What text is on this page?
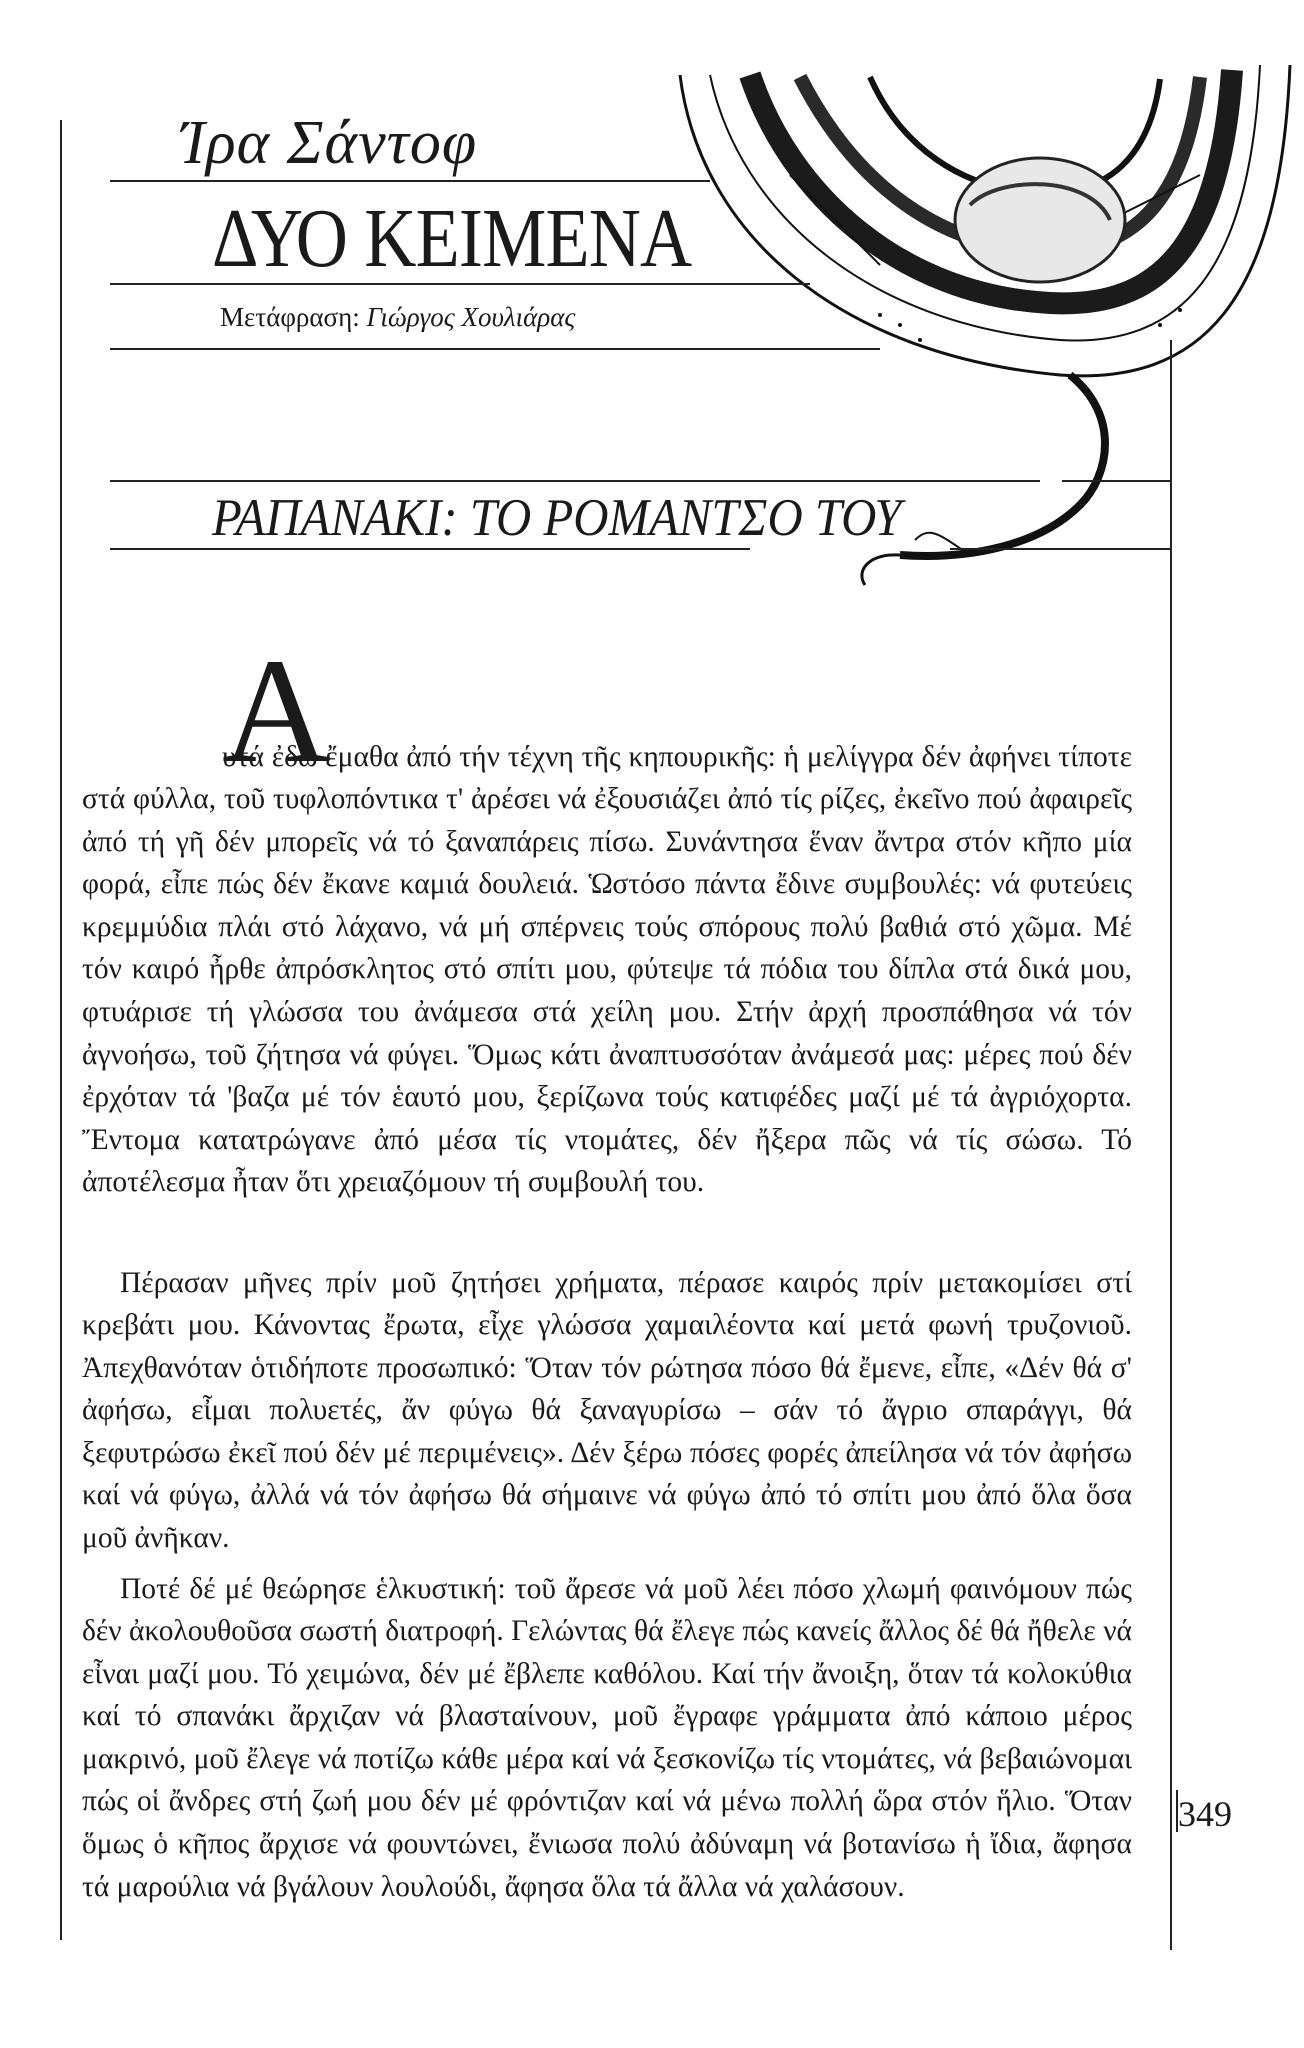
Ίρα Σάντοφ
ΔΥΟ ΚΕΙΜΕΝΑ
Μετάφραση: Γιώργος Χουλιάρας
ΡΑΠΑΝΑΚΙ: ΤΟ ΡΟΜΑΝΤΣΟ ΤΟΥ
Α

υτά ἐδῶ ἔμαθα ἀπό τήν τέχνη τῆς κηπουρικῆς: ἡ μελίγγρα δέν ἀφήνει τίποτε στά φύλλα, τοῦ τυφλοπόντικα τ' ἀρέσει νά ἐξουσιάζει ἀπό τίς ρίζες, ἐκεῖνο πού ἀφαιρεῖς ἀπό τή γῆ δέν μπορεῖς νά τό ξαναπάρεις πίσω. Συνάντησα ἕναν ἄντρα στόν κῆπο μία φορά, εἶπε πώς δέν ἔκανε καμιά δουλειά. Ὡστόσο πάντα ἔδινε συμβουλές: νά φυτεύεις κρεμμύδια πλάι στό λάχανο, νά μή σπέρνεις τούς σπόρους πολύ βαθιά στό χῶμα. Μέ τόν καιρό ἦρθε ἀπρόσκλητος στό σπίτι μου, φύτεψε τά πόδια του δίπλα στά δικά μου, φτυάρισε τή γλώσσα του ἀνάμεσα στά χείλη μου. Στήν ἀρχή προσπάθησα νά τόν ἀγνοήσω, τοῦ ζήτησα νά φύγει. Ὅμως κάτι ἀναπτυσσόταν ἀνάμεσά μας: μέρες πού δέν ἐρχόταν τά 'βαζα μέ τόν ἑαυτό μου, ξερίζωνα τούς κατιφέδες μαζί μέ τά ἀγριόχορτα. Ἔντομα κατατρώγανε ἀπό μέσα τίς ντομάτες, δέν ἤξερα πῶς νά τίς σώσω. Τό ἀποτέλεσμα ἦταν ὅτι χρειαζόμουν τή συμβουλή του.

Πέρασαν μῆνες πρίν μοῦ ζητήσει χρήματα, πέρασε καιρός πρίν μετακομίσει στί κρεβάτι μου. Κάνοντας ἔρωτα, εἶχε γλώσσα χαμαιλέοντα καί μετά φωνή τρυζονιοῦ. Ἀπεχθανόταν ὁτιδήποτε προσωπικό: Ὅταν τόν ρώτησα πόσο θά ἔμενε, εἶπε, «Δέν θά σ' ἀφήσω, εἶμαι πολυετές, ἄν φύγω θά ξαναγυρίσω – σάν τό ἄγριο σπαράγγι, θά ξεφυτρώσω ἐκεῖ πού δέν μέ περιμένεις». Δέν ξέρω πόσες φορές ἀπείλησα νά τόν ἀφήσω καί νά φύγω, ἀλλά νά τόν ἀφήσω θά σήμαινε νά φύγω ἀπό τό σπίτι μου ἀπό ὅλα ὅσα μοῦ ἀνῆκαν.

Ποτέ δέ μέ θεώρησε ἑλκυστική: τοῦ ἄρεσε νά μοῦ λέει πόσο χλωμή φαινόμουν πώς δέν ἀκολουθοῦσα σωστή διατροφή. Γελώντας θά ἔλεγε πώς κανείς ἄλλος δέ θά ἤθελε νά εἶναι μαζί μου. Τό χειμώνα, δέν μέ ἔβλεπε καθόλου. Καί τήν ἄνοιξη, ὅταν τά κολοκύθια καί τό σπανάκι ἄρχιζαν νά βλασταίνουν, μοῦ ἔγραφε γράμματα ἀπό κάποιο μέρος μακρινό, μοῦ ἔλεγε νά ποτίζω κάθε μέρα καί νά ξεσκονίζω τίς ντομάτες, νά βεβαιώνομαι πώς οἱ ἄνδρες στή ζωή μου δέν μέ φρόντιζαν καί νά μένω πολλή ὥρα στόν ἥλιο. Ὅταν ὅμως ὁ κῆπος ἄρχισε νά φουντώνει, ἔνιωσα πολύ ἀδύναμη νά βοτανίσω ἡ ἴδια, ἄφησα τά μαρούλια νά βγάλουν λουλούδι, ἄφησα ὅλα τά ἄλλα νά χαλάσουν.

349
